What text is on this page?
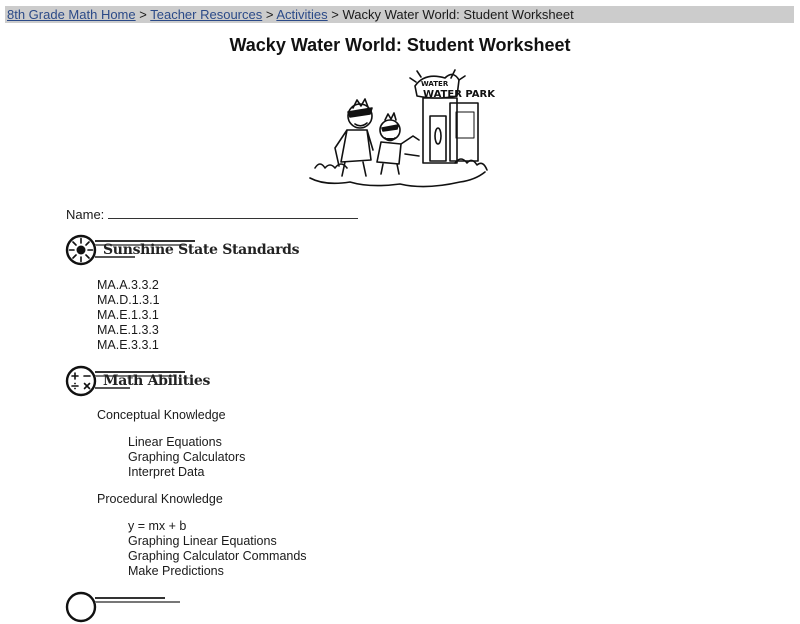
8th Grade Math Home > Teacher Resources > Activities > Wacky Water World: Student Worksheet
Wacky Water World: Student Worksheet
WATER
WATER PARK
Name:
Sunshine State Standards
MA.A.3.3.2
MA.D.1.3.1
MA.E.1.3.1
MA.E.1.3.3
MA.E.3.3.1
Math Abilities
Conceptual Knowledge
Linear Equations
Graphing Calculators
Interpret Data
Procedural Knowledge
y = mx + b
Graphing Linear Equations
Graphing Calculator Commands
Make Predictions
